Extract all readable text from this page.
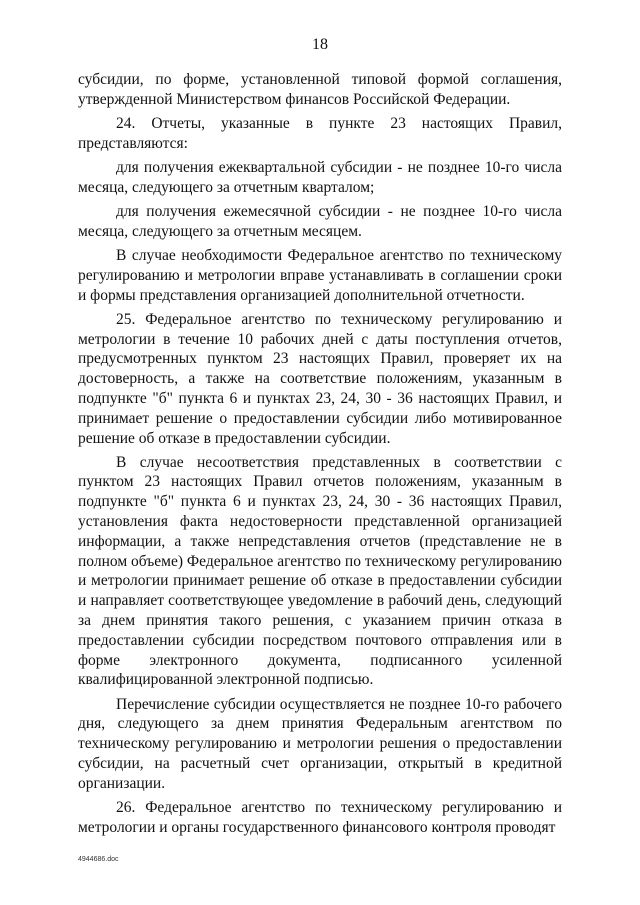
18

субсидии, по форме, установленной типовой формой соглашения, утвержденной Министерством финансов Российской Федерации.

24. Отчеты, указанные в пункте 23 настоящих Правил, представляются:

для получения ежеквартальной субсидии - не позднее 10-го числа месяца, следующего за отчетным кварталом;

для получения ежемесячной субсидии - не позднее 10-го числа месяца, следующего за отчетным месяцем.

В случае необходимости Федеральное агентство по техническому регулированию и метрологии вправе устанавливать в соглашении сроки и формы представления организацией дополнительной отчетности.

25. Федеральное агентство по техническому регулированию и метрологии в течение 10 рабочих дней с даты поступления отчетов, предусмотренных пунктом 23 настоящих Правил, проверяет их на достоверность, а также на соответствие положениям, указанным в подпункте "б" пункта 6 и пунктах 23, 24, 30 - 36 настоящих Правил, и принимает решение о предоставлении субсидии либо мотивированное решение об отказе в предоставлении субсидии.

В случае несоответствия представленных в соответствии с пунктом 23 настоящих Правил отчетов положениям, указанным в подпункте "б" пункта 6 и пунктах 23, 24, 30 - 36 настоящих Правил, установления факта недостоверности представленной организацией информации, а также непредставления отчетов (представление не в полном объеме) Федеральное агентство по техническому регулированию и метрологии принимает решение об отказе в предоставлении субсидии и направляет соответствующее уведомление в рабочий день, следующий за днем принятия такого решения, с указанием причин отказа в предоставлении субсидии посредством почтового отправления или в форме электронного документа, подписанного усиленной квалифицированной электронной подписью.

Перечисление субсидии осуществляется не позднее 10-го рабочего дня, следующего за днем принятия Федеральным агентством по техническому регулированию и метрологии решения о предоставлении субсидии, на расчетный счет организации, открытый в кредитной организации.

26. Федеральное агентство по техническому регулированию и метрологии и органы государственного финансового контроля проводят

4944686.doc
